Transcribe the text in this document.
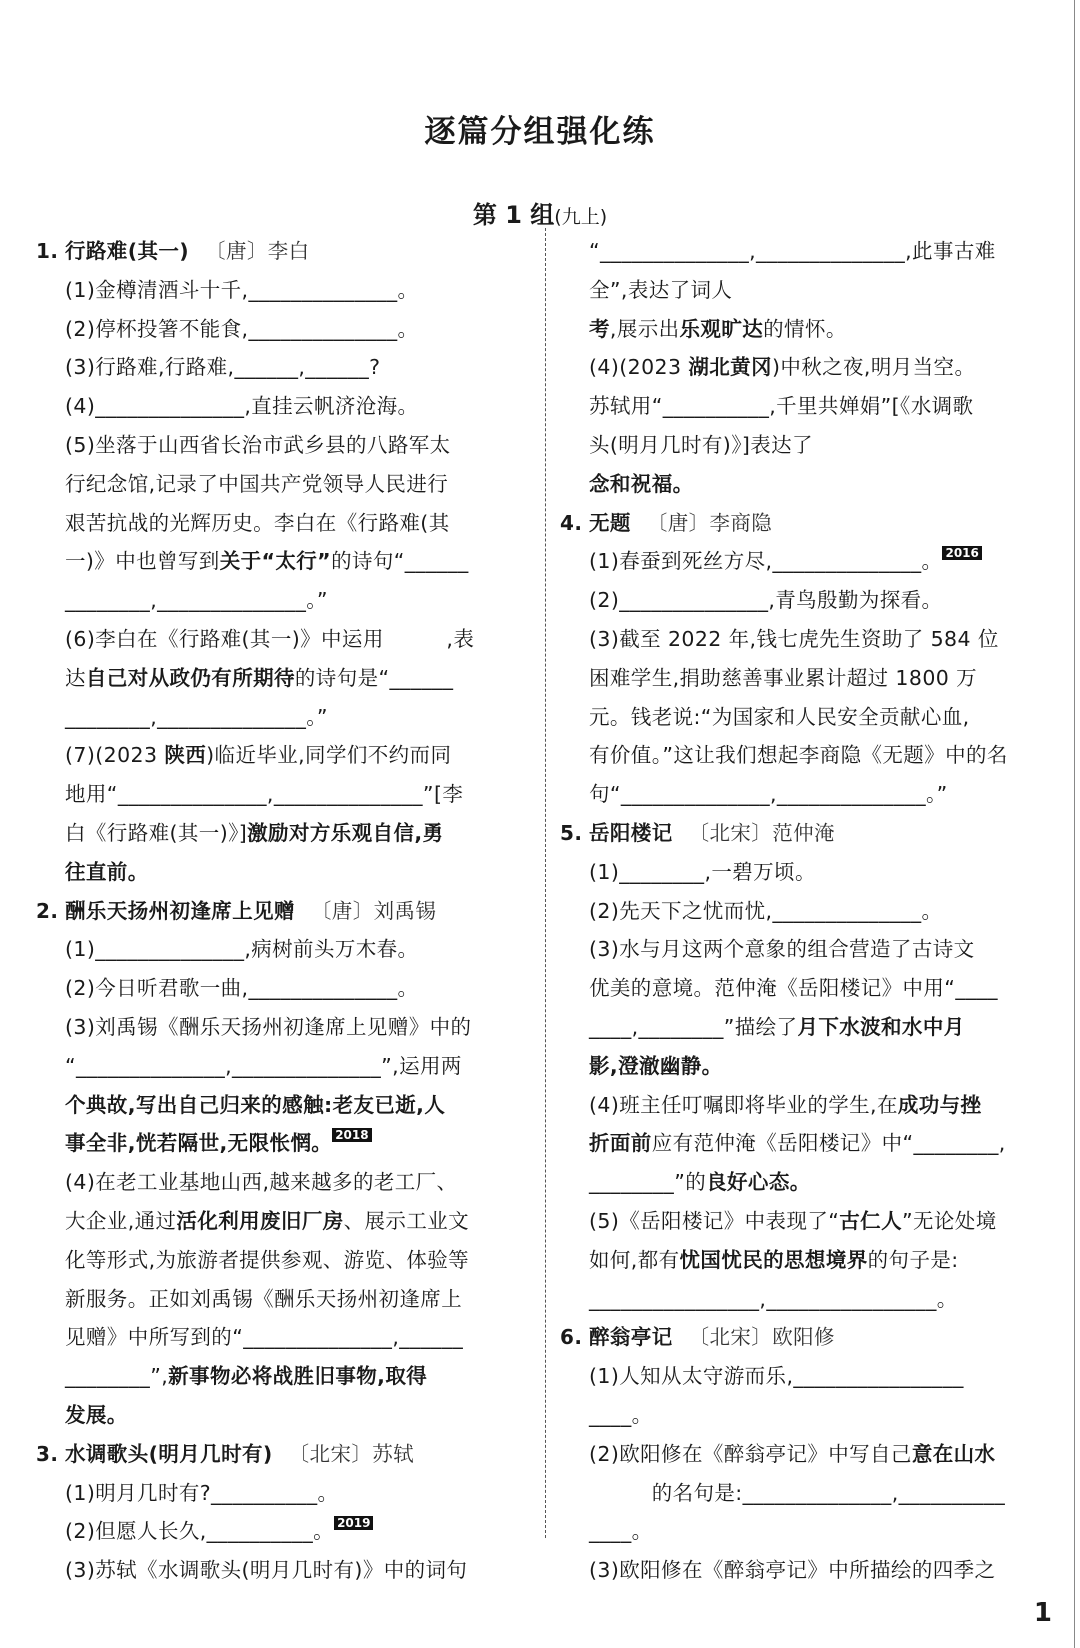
逐篇分组强化练
第 1 组(九上)
1. 行路难(其一) 〔唐〕李白
(1)金樽清酒斗十千,______________。
(2)停杯投箸不能食,______________。
(3)行路难,行路难,______,______?
(4)______________,直挂云帆济沧海。
(5)坐落于山西省长治市武乡县的八路军太
行纪念馆,记录了中国共产党领导人民进行
艰苦抗战的光辉历史。李白在《行路难(其
一)》中也曾写到关于“太行”的诗句“______
________,______________。”
(6)李白在《行路难(其一)》中运用　　　,表
达自己对从政仍有所期待的诗句是“______
________,______________。”
(7)(2023 陕西)临近毕业,同学们不约而同
地用“______________,______________”[李
白《行路难(其一)》]激励对方乐观自信,勇
往直前。
2. 酬乐天扬州初逢席上见赠 〔唐〕刘禹锡
(1)______________,病树前头万木春。
(2)今日听君歌一曲,______________。
(3)刘禹锡《酬乐天扬州初逢席上见赠》中的
“______________,______________”,运用两
个典故,写出自己归来的感触:老友已逝,人
事全非,恍若隔世,无限怅惘。 2018
(4)在老工业基地山西,越来越多的老工厂、
大企业,通过活化利用废旧厂房、展示工业文
化等形式,为旅游者提供参观、游览、体验等
新服务。正如刘禹锡《酬乐天扬州初逢席上
见赠》中所写到的“______________,______
________”,新事物必将战胜旧事物,取得
发展。
3. 水调歌头(明月几时有) 〔北宋〕苏轼
(1)明月几时有?__________。
(2)但愿人长久,__________。 2019
(3)苏轼《水调歌头(明月几时有)》中的词句
“______________,______________,此事古难
全”,表达了词人
考,展示出乐观旷达的情怀。
(4)(2023 湖北黄冈)中秋之夜,明月当空。
苏轼用“__________,千里共婵娟”[《水调歌
头(明月几时有)》]表达了
念和祝福。
4. 无题 〔唐〕李商隐
(1)春蚕到死丝方尽,______________。 2016
(2)______________,青鸟殷勤为探看。
(3)截至 2022 年,钱七虎先生资助了 584 位
困难学生,捐助慈善事业累计超过 1800 万
元。钱老说:“为国家和人民安全贡献心血,
有价值。”这让我们想起李商隐《无题》中的名
句“______________,______________。”
5. 岳阳楼记 〔北宋〕范仲淹
(1)________,一碧万顷。
(2)先天下之忧而忧,______________。
(3)水与月这两个意象的组合营造了古诗文
优美的意境。范仲淹《岳阳楼记》中用“____
____,________”描绘了月下水波和水中月
影,澄澈幽静。
(4)班主任叮嘱即将毕业的学生,在成功与挫
折面前应有范仲淹《岳阳楼记》中“________,
________”的良好心态。
(5)《岳阳楼记》中表现了“古仁人”无论处境
如何,都有忧国忧民的思想境界的句子是:
________________,________________。
6. 醉翁亭记 〔北宋〕欧阳修
(1)人知从太守游而乐,________________
____。
(2)欧阳修在《醉翁亭记》中写自己意在山水
　　　的名句是:______________,__________
____。
(3)欧阳修在《醉翁亭记》中所描绘的四季之
1
